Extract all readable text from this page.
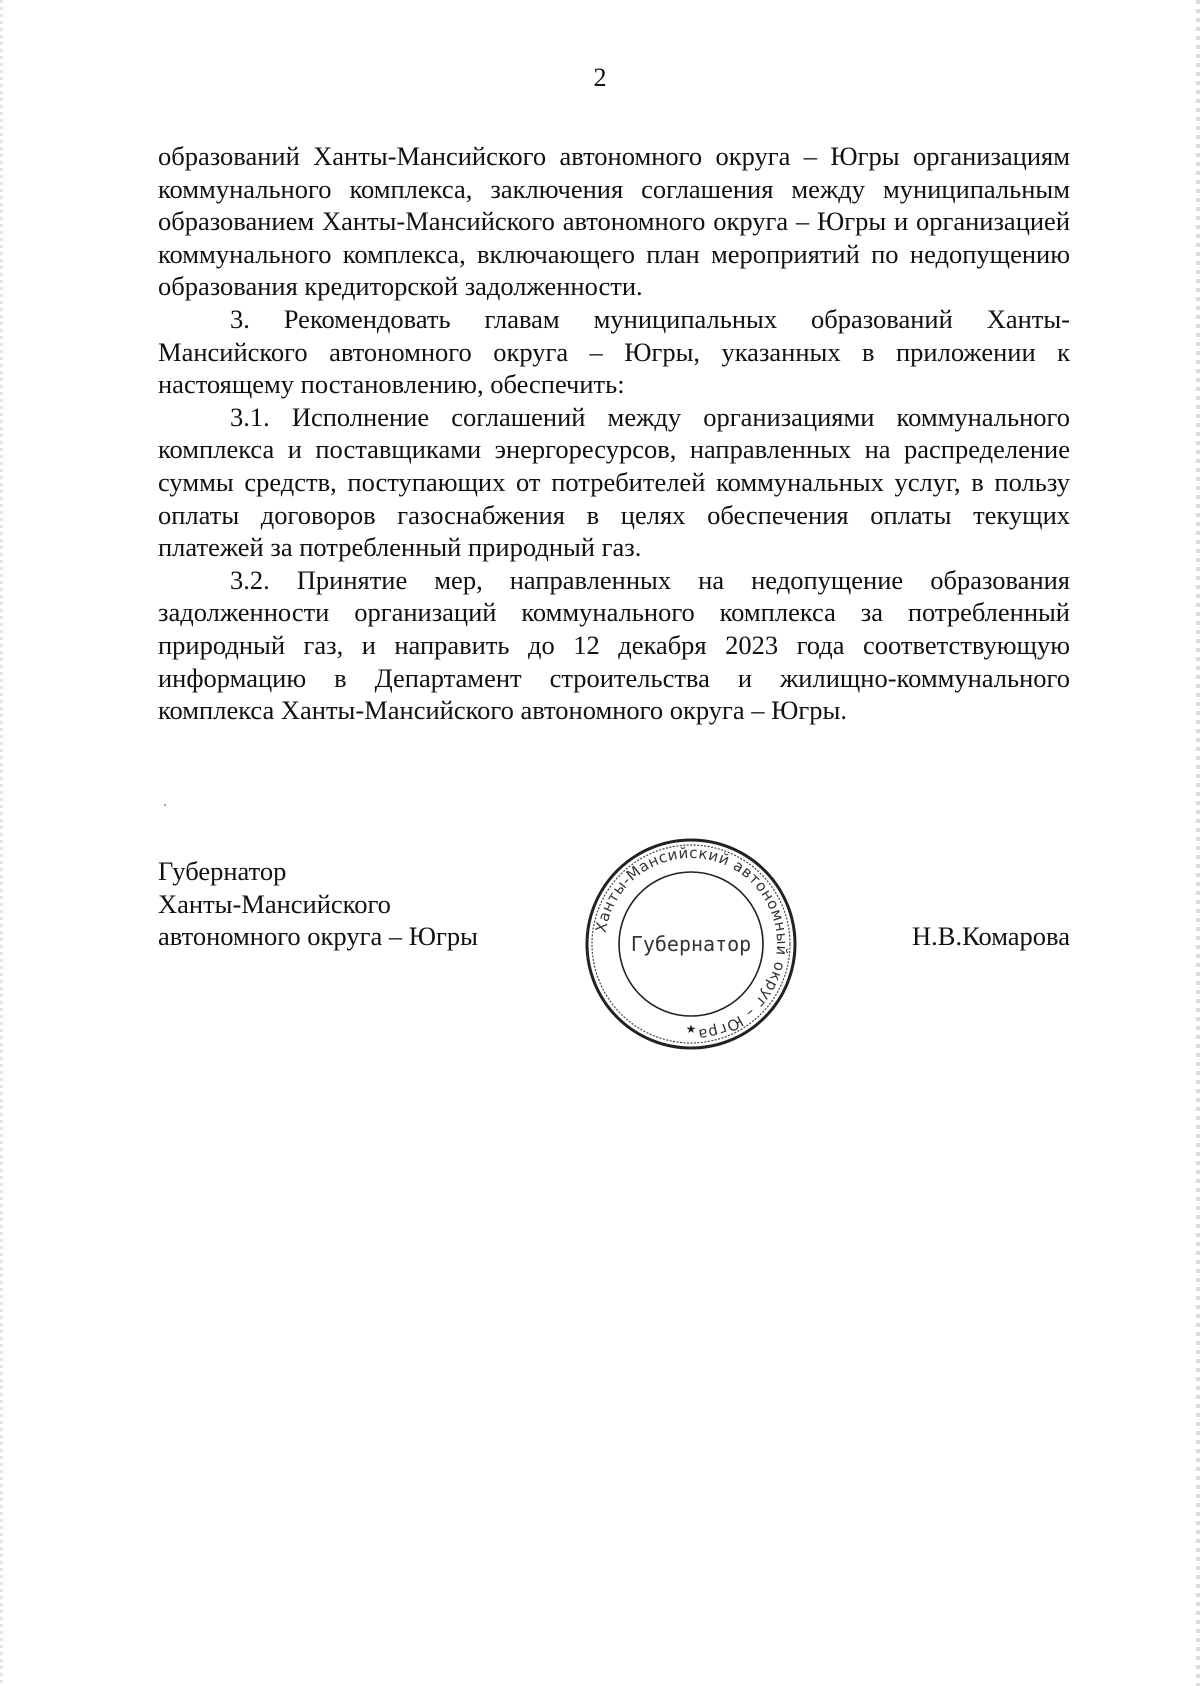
2

образований Ханты-Мансийского автономного округа – Югры организациям коммунального комплекса, заключения соглашения между муниципальным образованием Ханты-Мансийского автономного округа – Югры и организацией коммунального комплекса, включающего план мероприятий по недопущению образования кредиторской задолженности.

3. Рекомендовать главам муниципальных образований Ханты-Мансийского автономного округа – Югры, указанных в приложении к настоящему постановлению, обеспечить:

3.1. Исполнение соглашений между организациями коммунального комплекса и поставщиками энергоресурсов, направленных на распределение суммы средств, поступающих от потребителей коммунальных услуг, в пользу оплаты договоров газоснабжения в целях обеспечения оплаты текущих платежей за потребленный природный газ.

3.2. Принятие мер, направленных на недопущение образования задолженности организаций коммунального комплекса за потребленный природный газ, и направить до 12 декабря 2023 года соответствующую информацию в Департамент строительства и жилищно-коммунального комплекса Ханты-Мансийского автономного округа – Югры.

Губернатор
Ханты-Мансийского
автономного округа – Югры	Ханты-Мансийский автономный округ – Югра
Губернатор
★
Н.В.Комарова
